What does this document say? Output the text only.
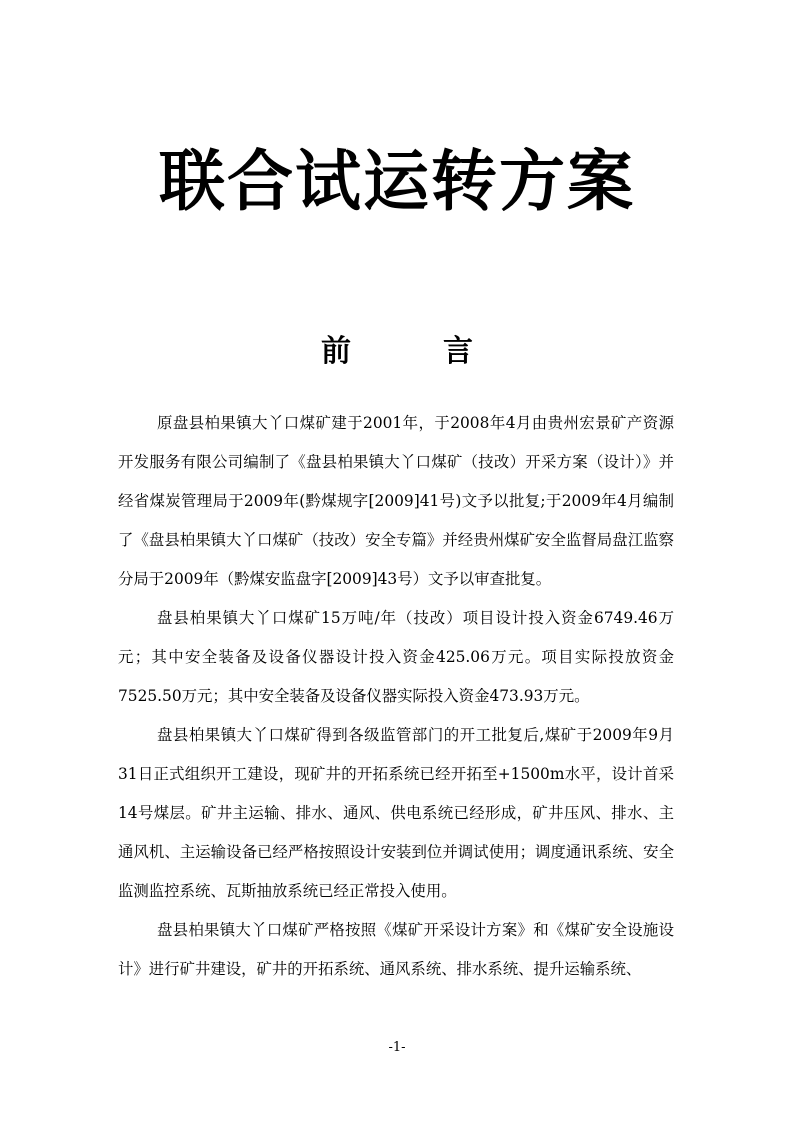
联合试运转方案
前	言

原盘县柏果镇大丫口煤矿建于2001年，于2008年4月由贵州宏景矿产资源开发服务有限公司编制了《盘县柏果镇大丫口煤矿（技改）开采方案（设计）》并经省煤炭管理局于2009年(黔煤规字[2009]41号)文予以批复;于2009年4月编制了《盘县柏果镇大丫口煤矿（技改）安全专篇》并经贵州煤矿安全监督局盘江监察分局于2009年（黔煤安监盘字[2009]43号）文予以审查批复。

盘县柏果镇大丫口煤矿15万吨/年（技改）项目设计投入资金6749.46万元；其中安全装备及设备仪器设计投入资金425.06万元。项目实际投放资金7525.50万元；其中安全装备及设备仪器实际投入资金473.93万元。

盘县柏果镇大丫口煤矿得到各级监管部门的开工批复后,煤矿于2009年9月31日正式组织开工建设，现矿井的开拓系统已经开拓至+1500m水平，设计首采14号煤层。矿井主运输、排水、通风、供电系统已经形成，矿井压风、排水、主通风机、主运输设备已经严格按照设计安装到位并调试使用；调度通讯系统、安全监测监控系统、瓦斯抽放系统已经正常投入使用。

盘县柏果镇大丫口煤矿严格按照《煤矿开采设计方案》和《煤矿安全设施设计》进行矿井建设，矿井的开拓系统、通风系统、排水系统、提升运输系统、

-1-
